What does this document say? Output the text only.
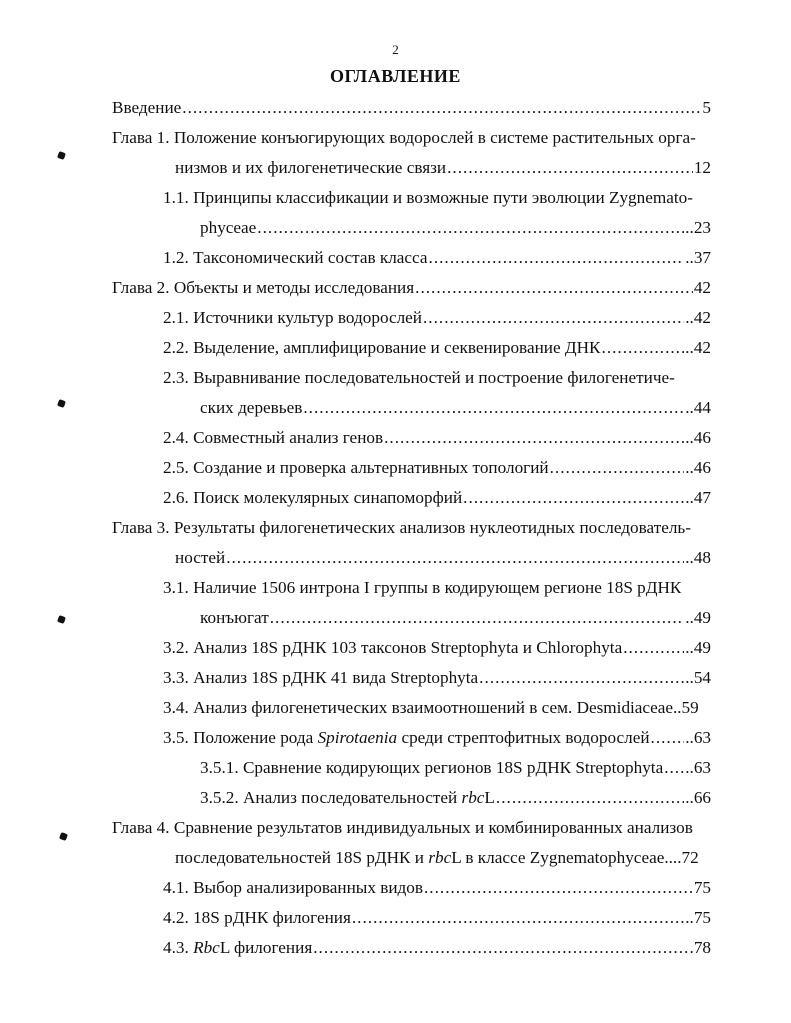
2
ОГЛАВЛЕНИЕ
Введение .....	5
Глава 1. Положение конъюгирующих водорослей в системе растительных орга-
низмов и их филогенетические связи .....	12
1.1. Принципы классификации и возможные пути эволюции Zygnemato-
phyceae .....	..23
1.2. Таксономический состав класса .....	..37
Глава 2. Объекты и методы исследования .....	42
2.1. Источники культур водорослей .....	..42
2.2. Выделение, амплифицирование и секвенирование ДНК .....	..42
2.3. Выравнивание последовательностей и построение филогенетиче-
ских деревьев .....	..44
2.4. Совместный анализ генов .....	..46
2.5. Создание и проверка альтернативных топологий .....	..46
2.6. Поиск молекулярных синапоморфий .....	..47
Глава 3. Результаты филогенетических анализов нуклеотидных последователь-
ностей .....	..48
3.1. Наличие 1506 интрона I группы в кодирующем регионе 18S рДНК
конъюгат .....	..49
3.2. Анализ 18S рДНК 103 таксонов Streptophyta и Chlorophyta .....	..49
3.3. Анализ 18S рДНК 41 вида Streptophyta .....	..54
3.4. Анализ филогенетических взаимоотношений в сем. Desmidiaceae..59
3.5. Положение рода Spirotaenia среди стрептофитных водорослей ..... ..63
3.5.1. Сравнение кодирующих регионов 18S рДНК Streptophyta ..... ..63
3.5.2. Анализ последовательностей rbcL .....	..66
Глава 4. Сравнение результатов индивидуальных и комбинированных анализов
последовательностей 18S рДНК и rbcL в классе Zygnematophyceae....72
4.1. Выбор анализированных видов .....	75
4.2. 18S рДНК филогения .....	..75
4.3. RbcL филогения .....	.78
